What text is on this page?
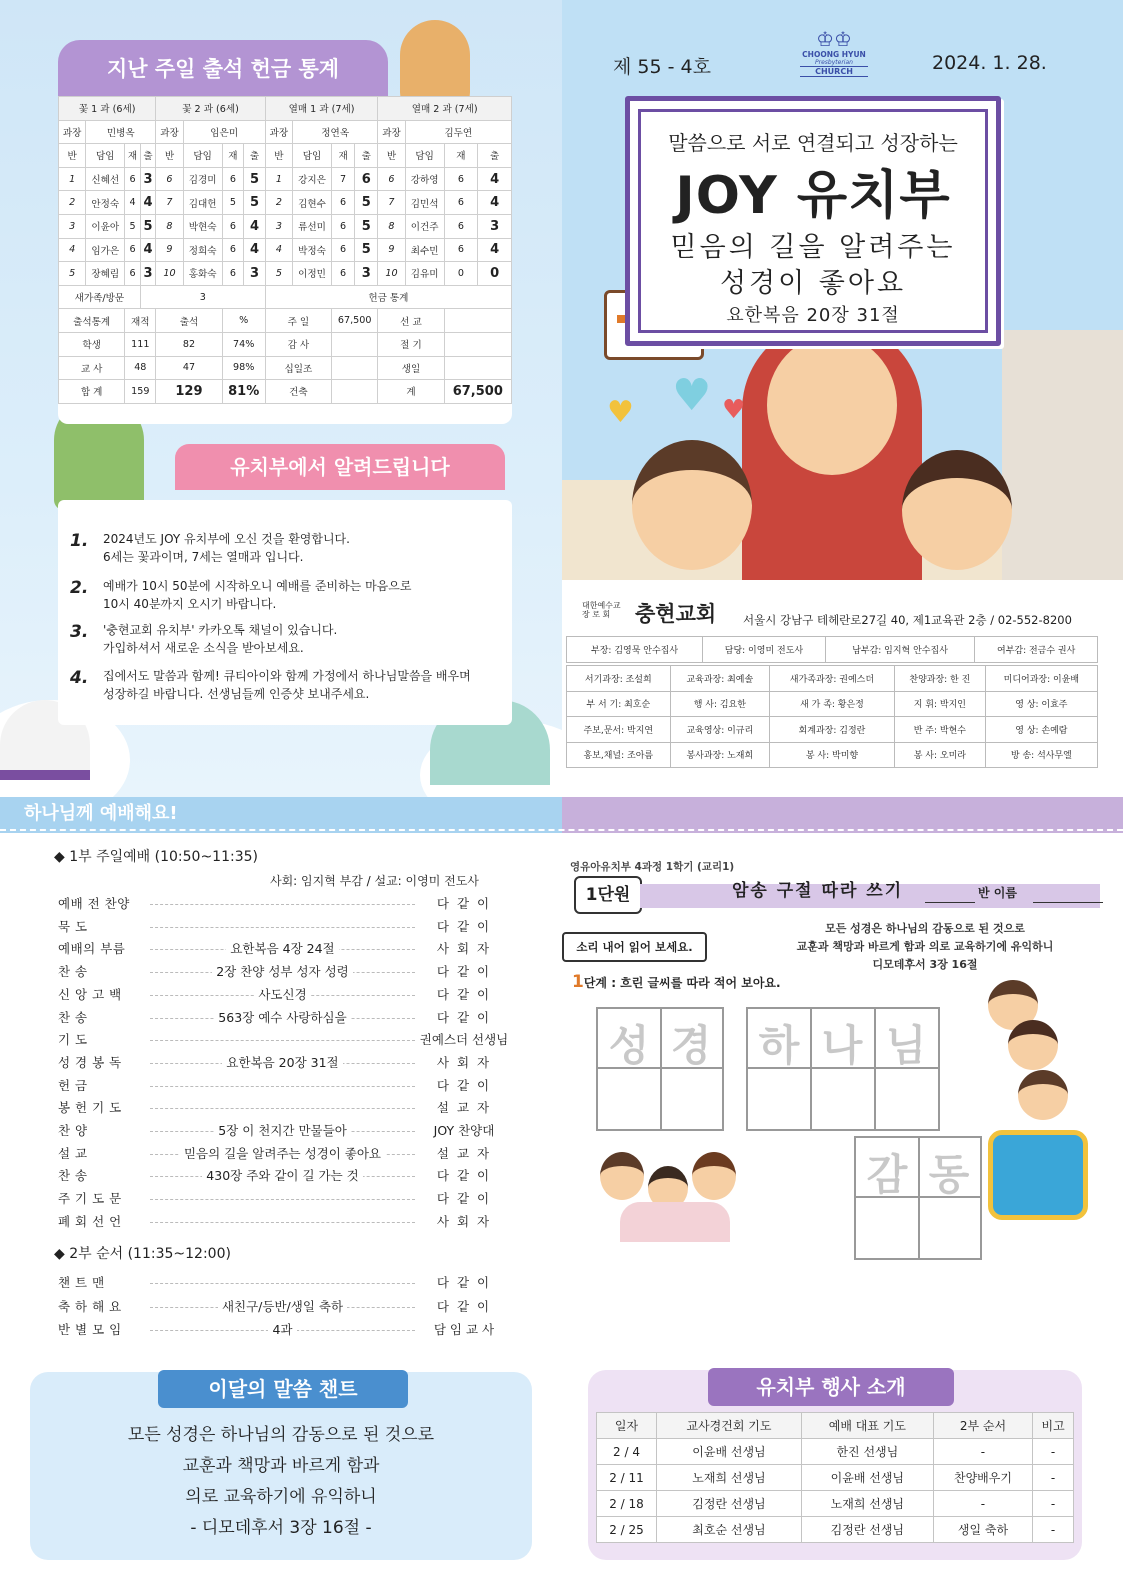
지난 주일 출석 헌금 통계
꽃 1 과 (6세)				꽃 2 과 (6세)				열매 1 과 (7세)				열매 2 과 (7세)			
과장	민병옥			과장	임은미			과장	정연옥			과장	김두연		
반	담임	재	출	반	담임	재	출	반	담임	재	출	반	담임	재	출
1	신혜선	6	3	6	김경미	6	5	1	강지은	7	6	6	강하영	6	4
2	안정숙	4	4	7	김대헌	5	5	2	김현수	6	5	7	김민석	6	4
3	이윤아	5	5	8	박현숙	6	4	3	류선미	6	5	8	이건주	6	3
4	임가은	6	4	9	정희숙	6	4	4	박정숙	6	5	9	최수민	6	4
5	장혜림	6	3	10	홍화숙	6	3	5	이정민	6	3	10	김유미	0	0
새가족/방문			3					헌금 통계							
출석통계		재적		출석		%		주 일		67,500		선 교			
학생		111		82		74%		감 사				절 기			
교 사		48		47		98%		십일조				생일			
합 계		159		129		81%		건축				계		67,500	
유치부에서 알려드립니다
1. 2024년도 JOY 유치부에 오신 것을 환영합니다.
6세는 꽃과이며, 7세는 열매과 입니다.
2. 예배가 10시 50분에 시작하오니 예배를 준비하는 마음으로
10시 40분까지 오시기 바랍니다.
3. '충현교회 유치부' 카카오톡 채널이 있습니다.
가입하셔서 새로운 소식을 받아보세요.
4. 집에서도 말씀과 함께! 큐티아이와 함께 가정에서 하나님말씀을 배우며
성장하길 바랍니다. 선생님들께 인증샷 보내주세요.
♥
♥	♥
제 55 - 4호	2024. 1. 28.
♔♔
CHOONG HYUN
Presbyterian
CHURCH
말씀으로 서로 연결되고 성장하는
JOY 유치부
믿음의 길을 알려주는
성경이 좋아요
요한복음 20장 31절
대한예수교
장 로 회	충현교회 서울시 강남구 테헤란로27길 40, 제1교육관 2층 / 02-552-8200
부장: 김영묵 안수집사	담당: 이영미 전도사	남부감: 임지혁 안수집사	여부감: 전금수 권사
서기과장: 조설희	교육과장: 최예솔	새가족과장: 권예스더	찬양과장: 한 진	미디어과장: 이윤배
부 서 기: 최호순	행 사: 김요한	새 가 족: 황은정	지 휘: 박지인	영 상: 이효주
주보,문서: 박지연	교육영상: 이규리	회계과장: 김정란	반 주: 박현수	영 상: 손예람
홍보,채널: 조아름	봉사과장: 노재희	봉 사: 박미향	봉 사: 오미라	방 송: 석사무엘
하나님께 예배해요!
◆ 1부 주일예배 (10:50~11:35)
사회: 임지혁 부감 / 설교: 이영미 전도사
예배 전 찬양	다 같 이
묵 도	다 같 이
예배의 부름	요한복음 4장 24절	사 회 자
찬 송	2장 찬양 성부 성자 성령	다 같 이
신 앙 고 백	사도신경	다 같 이
찬 송	563장 예수 사랑하심을	다 같 이
기 도	권예스더 선생님
성 경 봉 독	요한복음 20장 31절	사 회 자
헌 금	다 같 이
봉 헌 기 도	설 교 자
찬 양	5장 이 천지간 만물들아	JOY 찬양대
설 교	믿음의 길을 알려주는 성경이 좋아요	설 교 자
찬 송	430장 주와 같이 길 가는 것	다 같 이
주 기 도 문	다 같 이
폐 회 선 언	사 회 자
◆ 2부 순서 (11:35~12:00)
챈 트 맨	다 같 이
축 하 해 요	새친구/등반/생일 축하	다 같 이
반 별 모 임	4과	담 임 교 사
영유아유치부 4과정 1학기 (교리1)
1단원	암송 구절 따라 쓰기	반 이름
소리 내어 읽어 보세요.
모든 성경은 하나님의 감동으로 된 것으로
교훈과 책망과 바르게 함과 의로 교육하기에 유익하니
디모데후서 3장 16절
1단계 : 흐린 글씨를 따라 적어 보아요.
성 경 하 나 님
감 동
모든 성경은 하나님의 감동으로 된 것으로
교훈과 책망과 바르게 함과
의로 교육하기에 유익하니
- 디모데후서 3장 16절 -
이달의 말씀 챈트	유치부 행사 소개
일자	교사경건회 기도	예배 대표 기도	2부 순서	비고
2 / 4	이윤배 선생님	한진 선생님	-	-
2 / 11	노재희 선생님	이윤배 선생님	찬양배우기	-
2 / 18	김정란 선생님	노재희 선생님	-	-
2 / 25	최호순 선생님	김정란 선생님	생일 축하	-
